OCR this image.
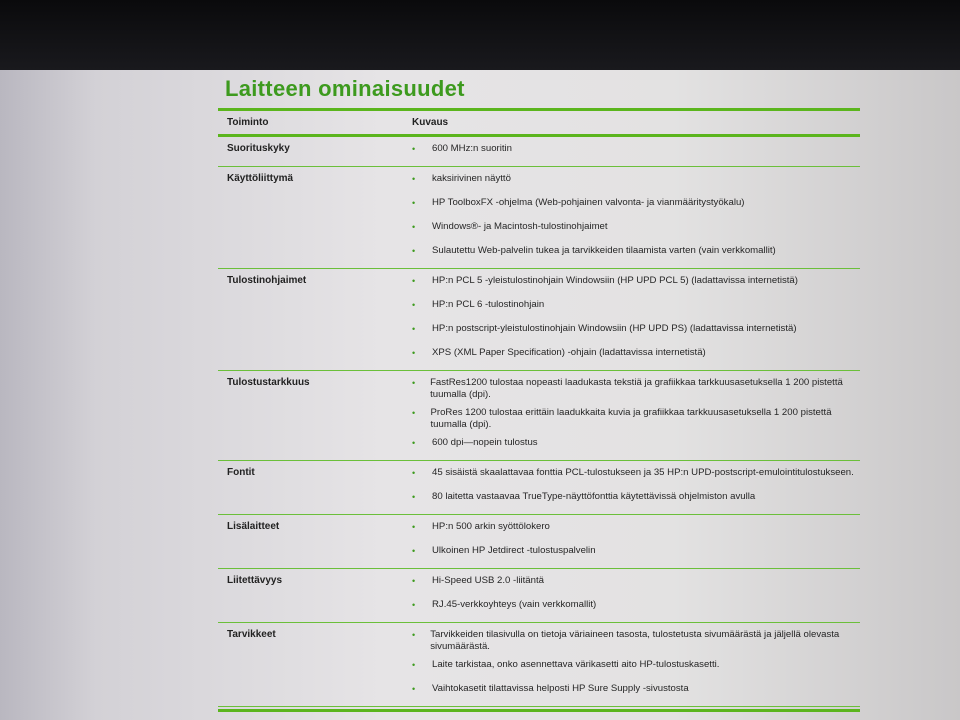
Laitteen ominaisuudet
Toiminto	Kuvaus
Suorituskyky	•	600 MHz:n suoritin
Käyttöliittymä	•	kaksirivinen näyttö
•	HP ToolboxFX -ohjelma (Web-pohjainen valvonta- ja vianmääritystyökalu)
•	Windows®- ja Macintosh-tulostinohjaimet
•	Sulautettu Web-palvelin tukea ja tarvikkeiden tilaamista varten (vain verkkomallit)
Tulostinohjaimet	•	HP:n PCL 5 -yleistulostinohjain Windowsiin (HP UPD PCL 5) (ladattavissa internetistä)
•	HP:n PCL 6 -tulostinohjain
•	HP:n postscript-yleistulostinohjain Windowsiin (HP UPD PS) (ladattavissa internetistä)
•	XPS (XML Paper Specification) -ohjain (ladattavissa internetistä)
Tulostustarkkuus	•	FastRes1200 tulostaa nopeasti laadukasta tekstiä ja grafiikkaa tarkkuusasetuksella 1 200 pistettä tuumalla (dpi).
•	ProRes 1200 tulostaa erittäin laadukkaita kuvia ja grafiikkaa tarkkuusasetuksella 1 200 pistettä tuumalla (dpi).
•	600 dpi—nopein tulostus
Fontit	•	45 sisäistä skaalattavaa fonttia PCL-tulostukseen ja 35 HP:n UPD-postscript-emulointitulostukseen.
•	80 laitetta vastaavaa TrueType-näyttöfonttia käytettävissä ohjelmiston avulla
Lisälaitteet	•	HP:n 500 arkin syöttölokero
•	Ulkoinen HP Jetdirect -tulostuspalvelin
Liitettävyys	•	Hi-Speed USB 2.0 -liitäntä
•	RJ.45-verkkoyhteys (vain verkkomallit)
Tarvikkeet	•	Tarvikkeiden tilasivulla on tietoja väriaineen tasosta, tulostetusta sivumäärästä ja jäljellä olevasta sivumäärästä.
•	Laite tarkistaa, onko asennettava värikasetti aito HP-tulostuskasetti.
•	Vaihtokasetit tilattavissa helposti HP Sure Supply -sivustosta
